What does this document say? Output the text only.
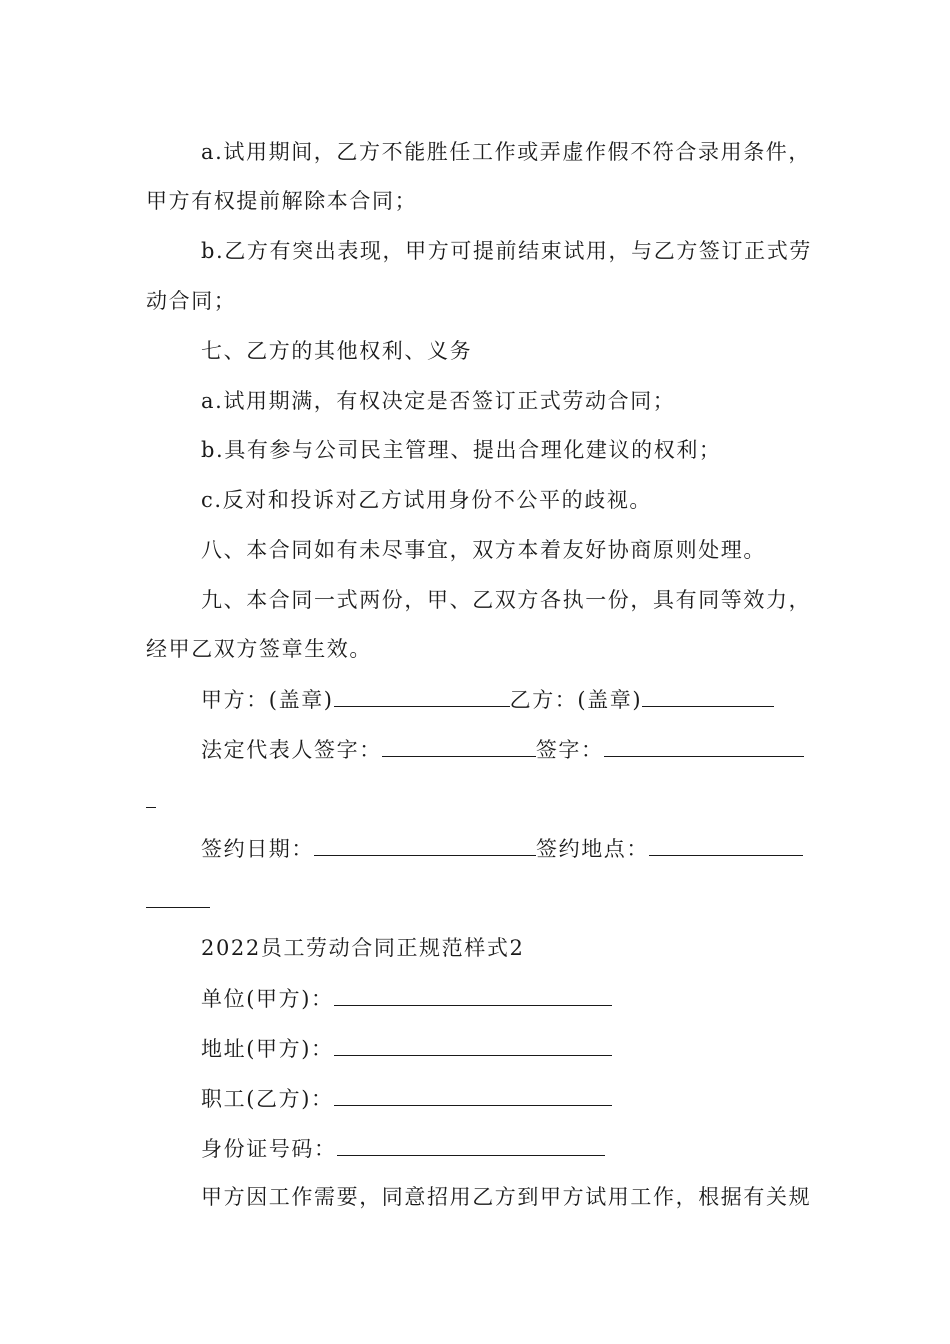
a.试用期间，乙方不能胜任工作或弄虚作假不符合录用条件，
甲方有权提前解除本合同；
b.乙方有突出表现，甲方可提前结束试用，与乙方签订正式劳
动合同；
七、乙方的其他权利、义务
a.试用期满，有权决定是否签订正式劳动合同；
b.具有参与公司民主管理、提出合理化建议的权利；
c.反对和投诉对乙方试用身份不公平的歧视。
八、本合同如有未尽事宜，双方本着友好协商原则处理。
九、本合同一式两份，甲、乙双方各执一份，具有同等效力，
经甲乙双方签章生效。
甲方：(盖章)	乙方：(盖章)
法定代表人签字：	签字：
签约日期：	签约地点：
2022员工劳动合同正规范样式2
单位(甲方)：
地址(甲方)：
职工(乙方)：
身份证号码：
甲方因工作需要，同意招用乙方到甲方试用工作，根据有关规
